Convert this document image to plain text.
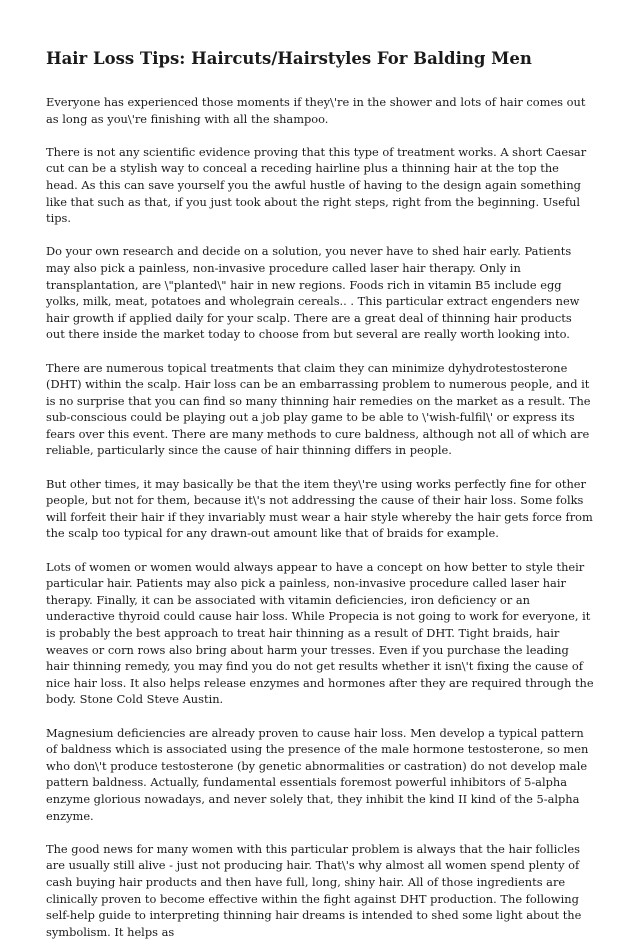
Hair Loss Tips: Haircuts/Hairstyles For Balding Men

Everyone has experienced those moments if they\'re in the shower and lots of hair comes out as long as you\'re finishing with all the shampoo.

There is not any scientific evidence proving that this type of treatment works. A short Caesar cut can be a stylish way to conceal a receding hairline plus a thinning hair at the top the head. As this can save yourself you the awful hustle of having to the design again something like that such as that, if you just took about the right steps, right from the beginning. Useful tips.

Do your own research and decide on a solution, you never have to shed hair early. Patients may also pick a painless, non-invasive procedure called laser hair therapy. Only in transplantation, are \"planted\" hair in new regions. Foods rich in vitamin B5 include egg yolks, milk, meat, potatoes and wholegrain cereals.. . This particular extract engenders new hair growth if applied daily for your scalp. There are a great deal of thinning hair products out there inside the market today to choose from but several are really worth looking into.

There are numerous topical treatments that claim they can minimize dyhydrotestosterone (DHT) within the scalp. Hair loss can be an embarrassing problem to numerous people, and it is no surprise that you can find so many thinning hair remedies on the market as a result. The sub-conscious could be playing out a job play game to be able to \'wish-fulfil\' or express its fears over this event. There are many methods to cure baldness, although not all of which are reliable, particularly since the cause of hair thinning differs in people.

But other times, it may basically be that the item they\'re using works perfectly fine for other people, but not for them, because it\'s not addressing the cause of their hair loss. Some folks will forfeit their hair if they invariably must wear a hair style whereby the hair gets force from the scalp too typical for any drawn-out amount like that of braids for example.

Lots of women or women would always appear to have a concept on how better to style their particular hair. Patients may also pick a painless, non-invasive procedure called laser hair therapy. Finally, it can be associated with vitamin deficiencies, iron deficiency or an underactive thyroid could cause hair loss. While Propecia is not going to work for everyone, it is probably the best approach to treat hair thinning as a result of DHT. Tight braids, hair weaves or corn rows also bring about harm your tresses. Even if you purchase the leading hair thinning remedy, you may find you do not get results whether it isn\'t fixing the cause of nice hair loss. It also helps release enzymes and hormones after they are required through the body. Stone Cold Steve Austin.

Magnesium deficiencies are already proven to cause hair loss. Men develop a typical pattern of baldness which is associated using the presence of the male hormone testosterone, so men who don\'t produce testosterone (by genetic abnormalities or castration) do not develop male pattern baldness. Actually, fundamental essentials foremost powerful inhibitors of 5-alpha enzyme glorious nowadays, and never solely that, they inhibit the kind II kind of the 5-alpha enzyme.

The good news for many women with this particular problem is always that the hair follicles are usually still alive - just not producing hair. That\'s why almost all women spend plenty of cash buying hair products and then have full, long, shiny hair. All of those ingredients are clinically proven to become effective within the fight against DHT production. The following self-help guide to interpreting thinning hair dreams is intended to shed some light about the symbolism. It helps as
